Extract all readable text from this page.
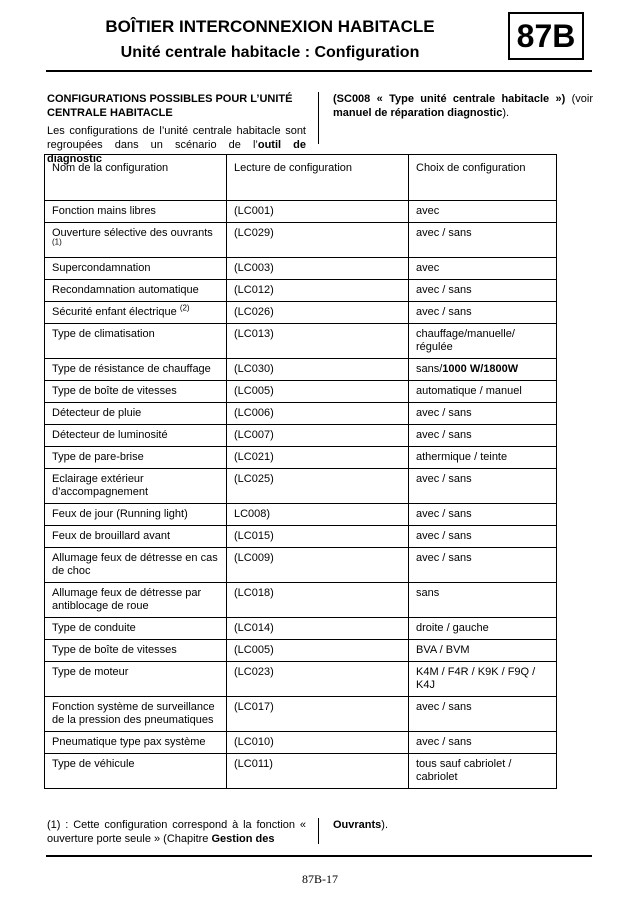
BOÎTIER INTERCONNEXION HABITACLE
Unité centrale habitacle : Configuration	87B
CONFIGURATIONS POSSIBLES POUR L’UNITÉ CENTRALE HABITACLE
Les configurations de l’unité centrale habitacle sont regroupées dans un scénario de l’outil de diagnostic
(SC008 « Type unité centrale habitacle ») (voir manuel de réparation diagnostic).
Nom de la configuration	Lecture de configuration	Choix de configuration
Fonction mains libres	(LC001)	avec
Ouverture sélective des ouvrants $^{(1)}$	(LC029)	avec / sans
Supercondamnation	(LC003)	avec
Recondamnation automatique	(LC012)	avec / sans
Sécurité enfant électrique $^{(2)}$	(LC026)	avec / sans
Type de climatisation	(LC013)	chauffage/manuelle/ régulée
Type de résistance de chauffage	(LC030)	sans/1000 W/1800W
Type de boîte de vitesses	(LC005)	automatique / manuel
Détecteur de pluie	(LC006)	avec / sans
Détecteur de luminosité	(LC007)	avec / sans
Type de pare-brise	(LC021)	athermique / teinte
Eclairage extérieur d’accompagnement	(LC025)	avec / sans
Feux de jour (Running light)	LC008)	avec / sans
Feux de brouillard avant	(LC015)	avec / sans
Allumage feux de détresse en cas de choc	(LC009)	avec / sans
Allumage feux de détresse par antiblocage de roue	(LC018)	sans
Type de conduite	(LC014)	droite / gauche
Type de boîte de vitesses	(LC005)	BVA / BVM
Type de moteur	(LC023)	K4M / F4R / K9K / F9Q / K4J
Fonction système de surveillance de la pression des pneumatiques	(LC017)	avec / sans
Pneumatique type pax système	(LC010)	avec / sans
Type de véhicule	(LC011)	tous sauf cabriolet / cabriolet
(1) : Cette configuration correspond à la fonction « ouverture porte seule » (Chapitre Gestion des
Ouvrants).
87B-17
